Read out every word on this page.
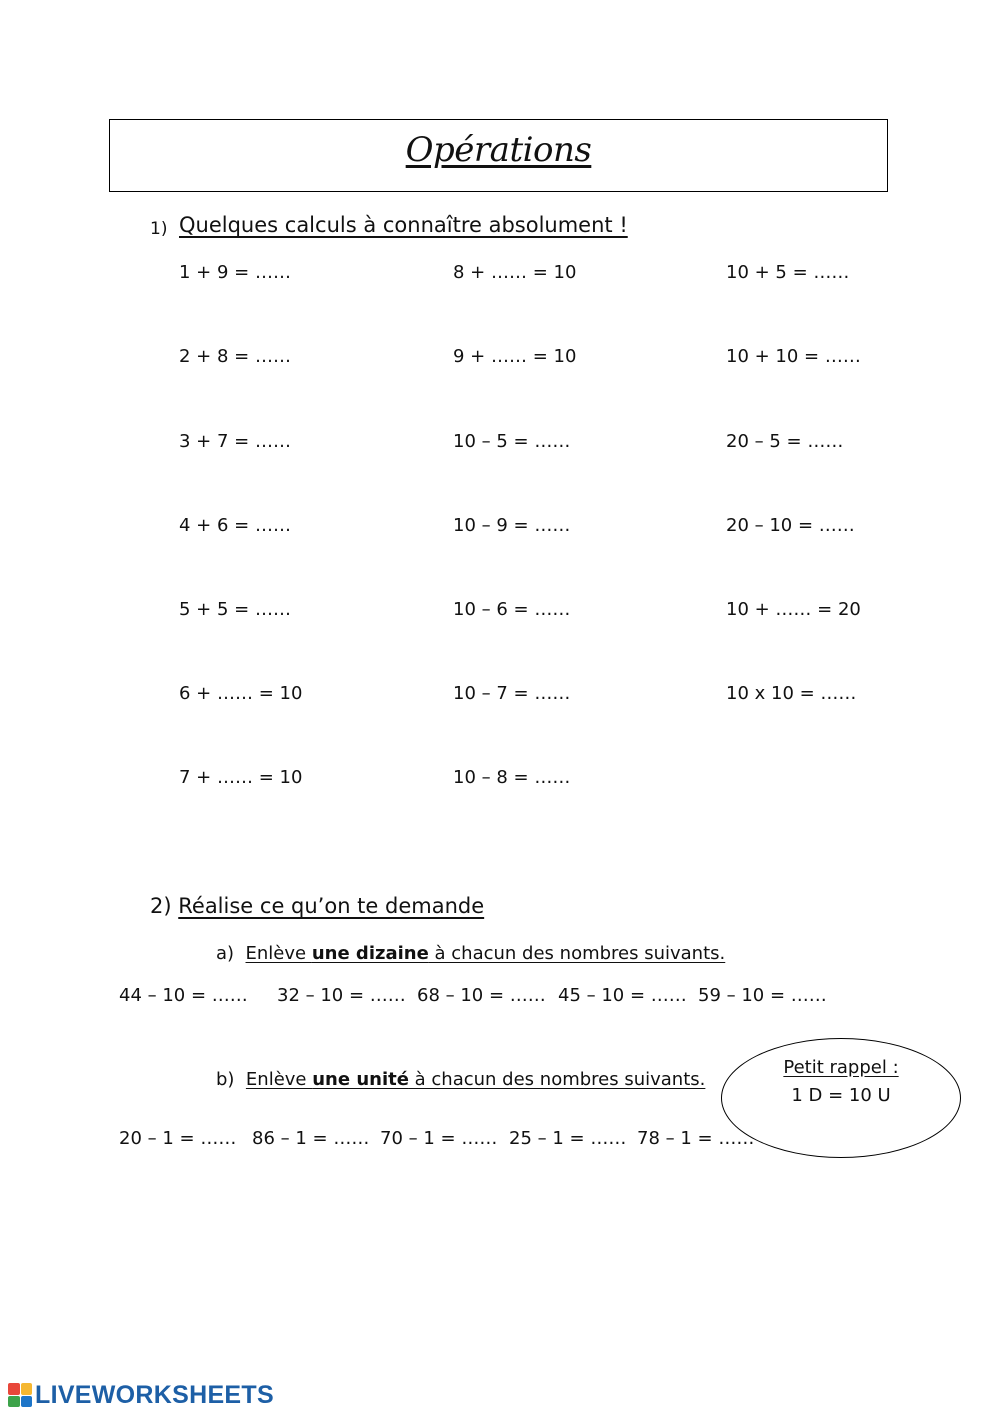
Opérations
1) Quelques calculs à connaître absolument !
1 + 9 = ……
2 + 8 = ……
3 + 7 = ……
4 + 6 = ……
5 + 5 = ……
6 + …… = 10
7 + …… = 10
8 + …… = 10
9 + …… = 10
10 – 5 = ……
10 – 9 = ……
10 – 6 = ……
10 – 7 = ……
10 – 8 = ……
10 + 5 = ……
10 + 10 = ……
20 – 5 = ……
20 – 10 = ……
10 + …… = 20
10 x 10 = ……
2) Réalise ce qu’on te demande
a) Enlève une dizaine à chacun des nombres suivants.
44 – 10 = …… 32 – 10 = …… 68 – 10 = …… 45 – 10 = …… 59 – 10 = ……
b) Enlève une unité à chacun des nombres suivants.
20 – 1 = …… 86 – 1 = …… 70 – 1 = …… 25 – 1 = …… 78 – 1 = ……
Petit rappel :
1 D = 10 U
LIVEWORKSHEETS
